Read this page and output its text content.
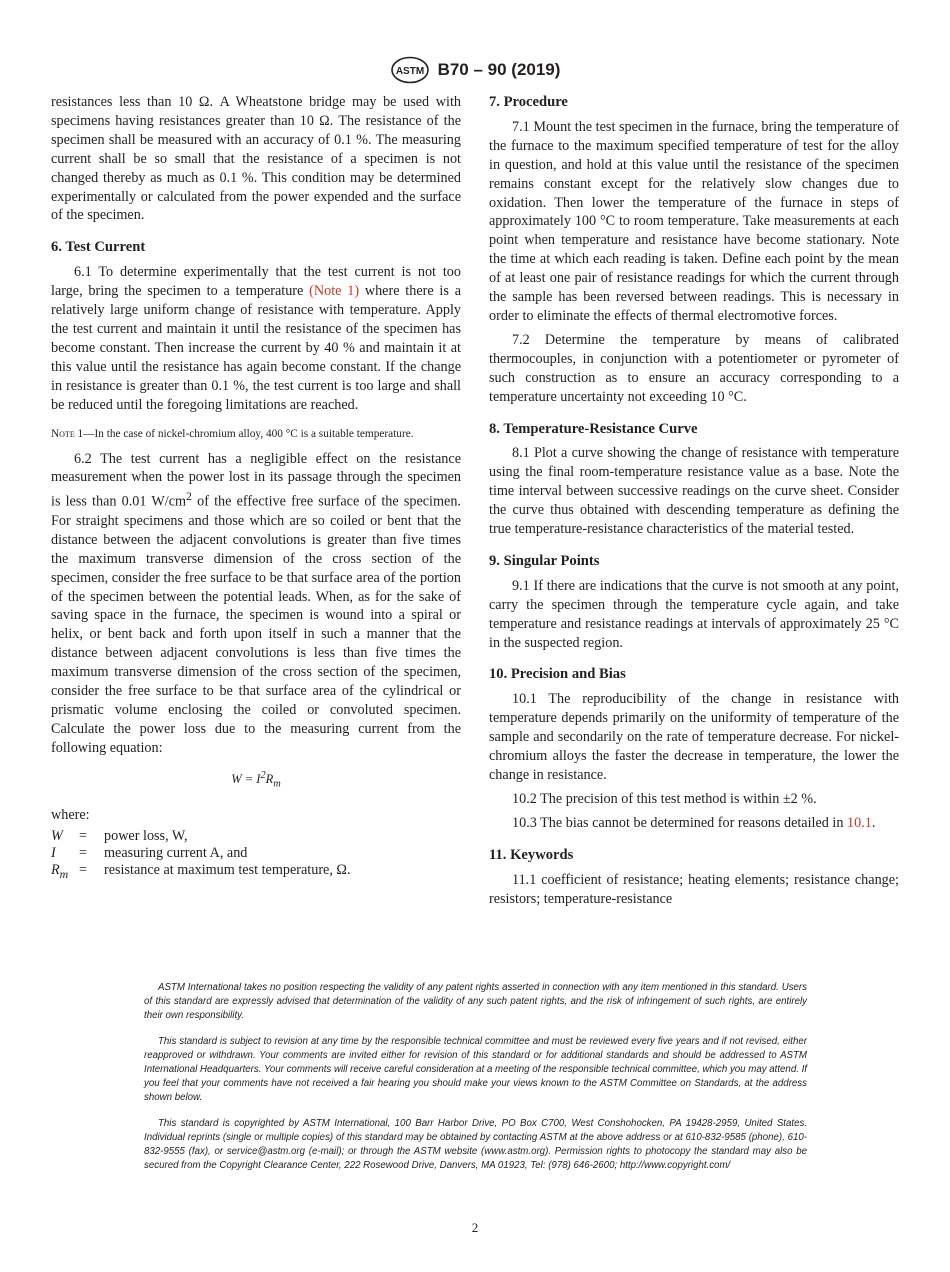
ASTM B70 – 90 (2019)

resistances less than 10 Ω. A Wheatstone bridge may be used with specimens having resistances greater than 10 Ω. The resistance of the specimen shall be measured with an accuracy of 0.1 %. The measuring current shall be so small that the resistance of a specimen is not changed thereby as much as 0.1 %. This condition may be determined experimentally or calculated from the power expended and the surface of the specimen.

6. Test Current

6.1 To determine experimentally that the test current is not too large, bring the specimen to a temperature (Note 1) where there is a relatively large uniform change of resistance with temperature. Apply the test current and maintain it until the resistance of the specimen has become constant. Then increase the current by 40 % and maintain it at this value until the resistance has again become constant. If the change in resistance is greater than 0.1 %, the test current is too large and shall be reduced until the foregoing limitations are reached.

Note 1—In the case of nickel-chromium alloy, 400 °C is a suitable temperature.

6.2 The test current has a negligible effect on the resistance measurement when the power lost in its passage through the specimen is less than 0.01 $W/cm^2$ of the effective free surface of the specimen. For straight specimens and those which are so coiled or bent that the distance between the adjacent convolutions is greater than five times the maximum transverse dimension of the cross section of the specimen, consider the free surface to be that surface area of the portion of the specimen between the potential leads. When, as for the sake of saving space in the furnace, the specimen is wound into a spiral or helix, or bent back and forth upon itself in such a manner that the distance between adjacent convolutions is less than five times the maximum transverse dimension of the cross section of the specimen, consider the free surface to be that surface area of the cylindrical or prismatic volume enclosing the coiled or convoluted specimen. Calculate the power loss due to the measuring current from the following equation:

$W = I^2R_m$
where:
W	=	power loss, W,
I	=	measuring current A, and
$R_m$	=	resistance at maximum test temperature, Ω.
7. Procedure

7.1 Mount the test specimen in the furnace, bring the temperature of the furnace to the maximum specified temperature of test for the alloy in question, and hold at this value until the resistance of the specimen remains constant except for the relatively slow changes due to oxidation. Then lower the temperature of the furnace in steps of approximately 100 °C to room temperature. Take measurements at each point when temperature and resistance have become stationary. Note the time at which each reading is taken. Define each point by the mean of at least one pair of resistance readings for which the current through the sample has been reversed between readings. This is necessary in order to eliminate the effects of thermal electromotive forces.

7.2 Determine the temperature by means of calibrated thermocouples, in conjunction with a potentiometer or pyrometer of such construction as to ensure an accuracy corresponding to a temperature uncertainty not exceeding 10 °C.

8. Temperature-Resistance Curve

8.1 Plot a curve showing the change of resistance with temperature using the final room-temperature resistance value as a base. Note the time interval between successive readings on the curve sheet. Consider the curve thus obtained with descending temperature as defining the true temperature-resistance characteristics of the material tested.

9. Singular Points

9.1 If there are indications that the curve is not smooth at any point, carry the specimen through the temperature cycle again, and take temperature and resistance readings at intervals of approximately 25 °C in the suspected region.

10. Precision and Bias

10.1 The reproducibility of the change in resistance with temperature depends primarily on the uniformity of temperature of the sample and secondarily on the rate of temperature decrease. For nickel-chromium alloys the faster the decrease in temperature, the lower the change in resistance.

10.2 The precision of this test method is within ±2 %.

10.3 The bias cannot be determined for reasons detailed in 10.1.

11. Keywords

11.1 coefficient of resistance; heating elements; resistance change; resistors; temperature-resistance

ASTM International takes no position respecting the validity of any patent rights asserted in connection with any item mentioned in this standard. Users of this standard are expressly advised that determination of the validity of any such patent rights, and the risk of infringement of such rights, are entirely their own responsibility.

This standard is subject to revision at any time by the responsible technical committee and must be reviewed every five years and if not revised, either reapproved or withdrawn. Your comments are invited either for revision of this standard or for additional standards and should be addressed to ASTM International Headquarters. Your comments will receive careful consideration at a meeting of the responsible technical committee, which you may attend. If you feel that your comments have not received a fair hearing you should make your views known to the ASTM Committee on Standards, at the address shown below.

This standard is copyrighted by ASTM International, 100 Barr Harbor Drive, PO Box C700, West Conshohocken, PA 19428-2959, United States. Individual reprints (single or multiple copies) of this standard may be obtained by contacting ASTM at the above address or at 610-832-9585 (phone), 610-832-9555 (fax), or service@astm.org (e-mail); or through the ASTM website (www.astm.org). Permission rights to photocopy the standard may also be secured from the Copyright Clearance Center, 222 Rosewood Drive, Danvers, MA 01923, Tel: (978) 646-2600; http://www.copyright.com/

2
